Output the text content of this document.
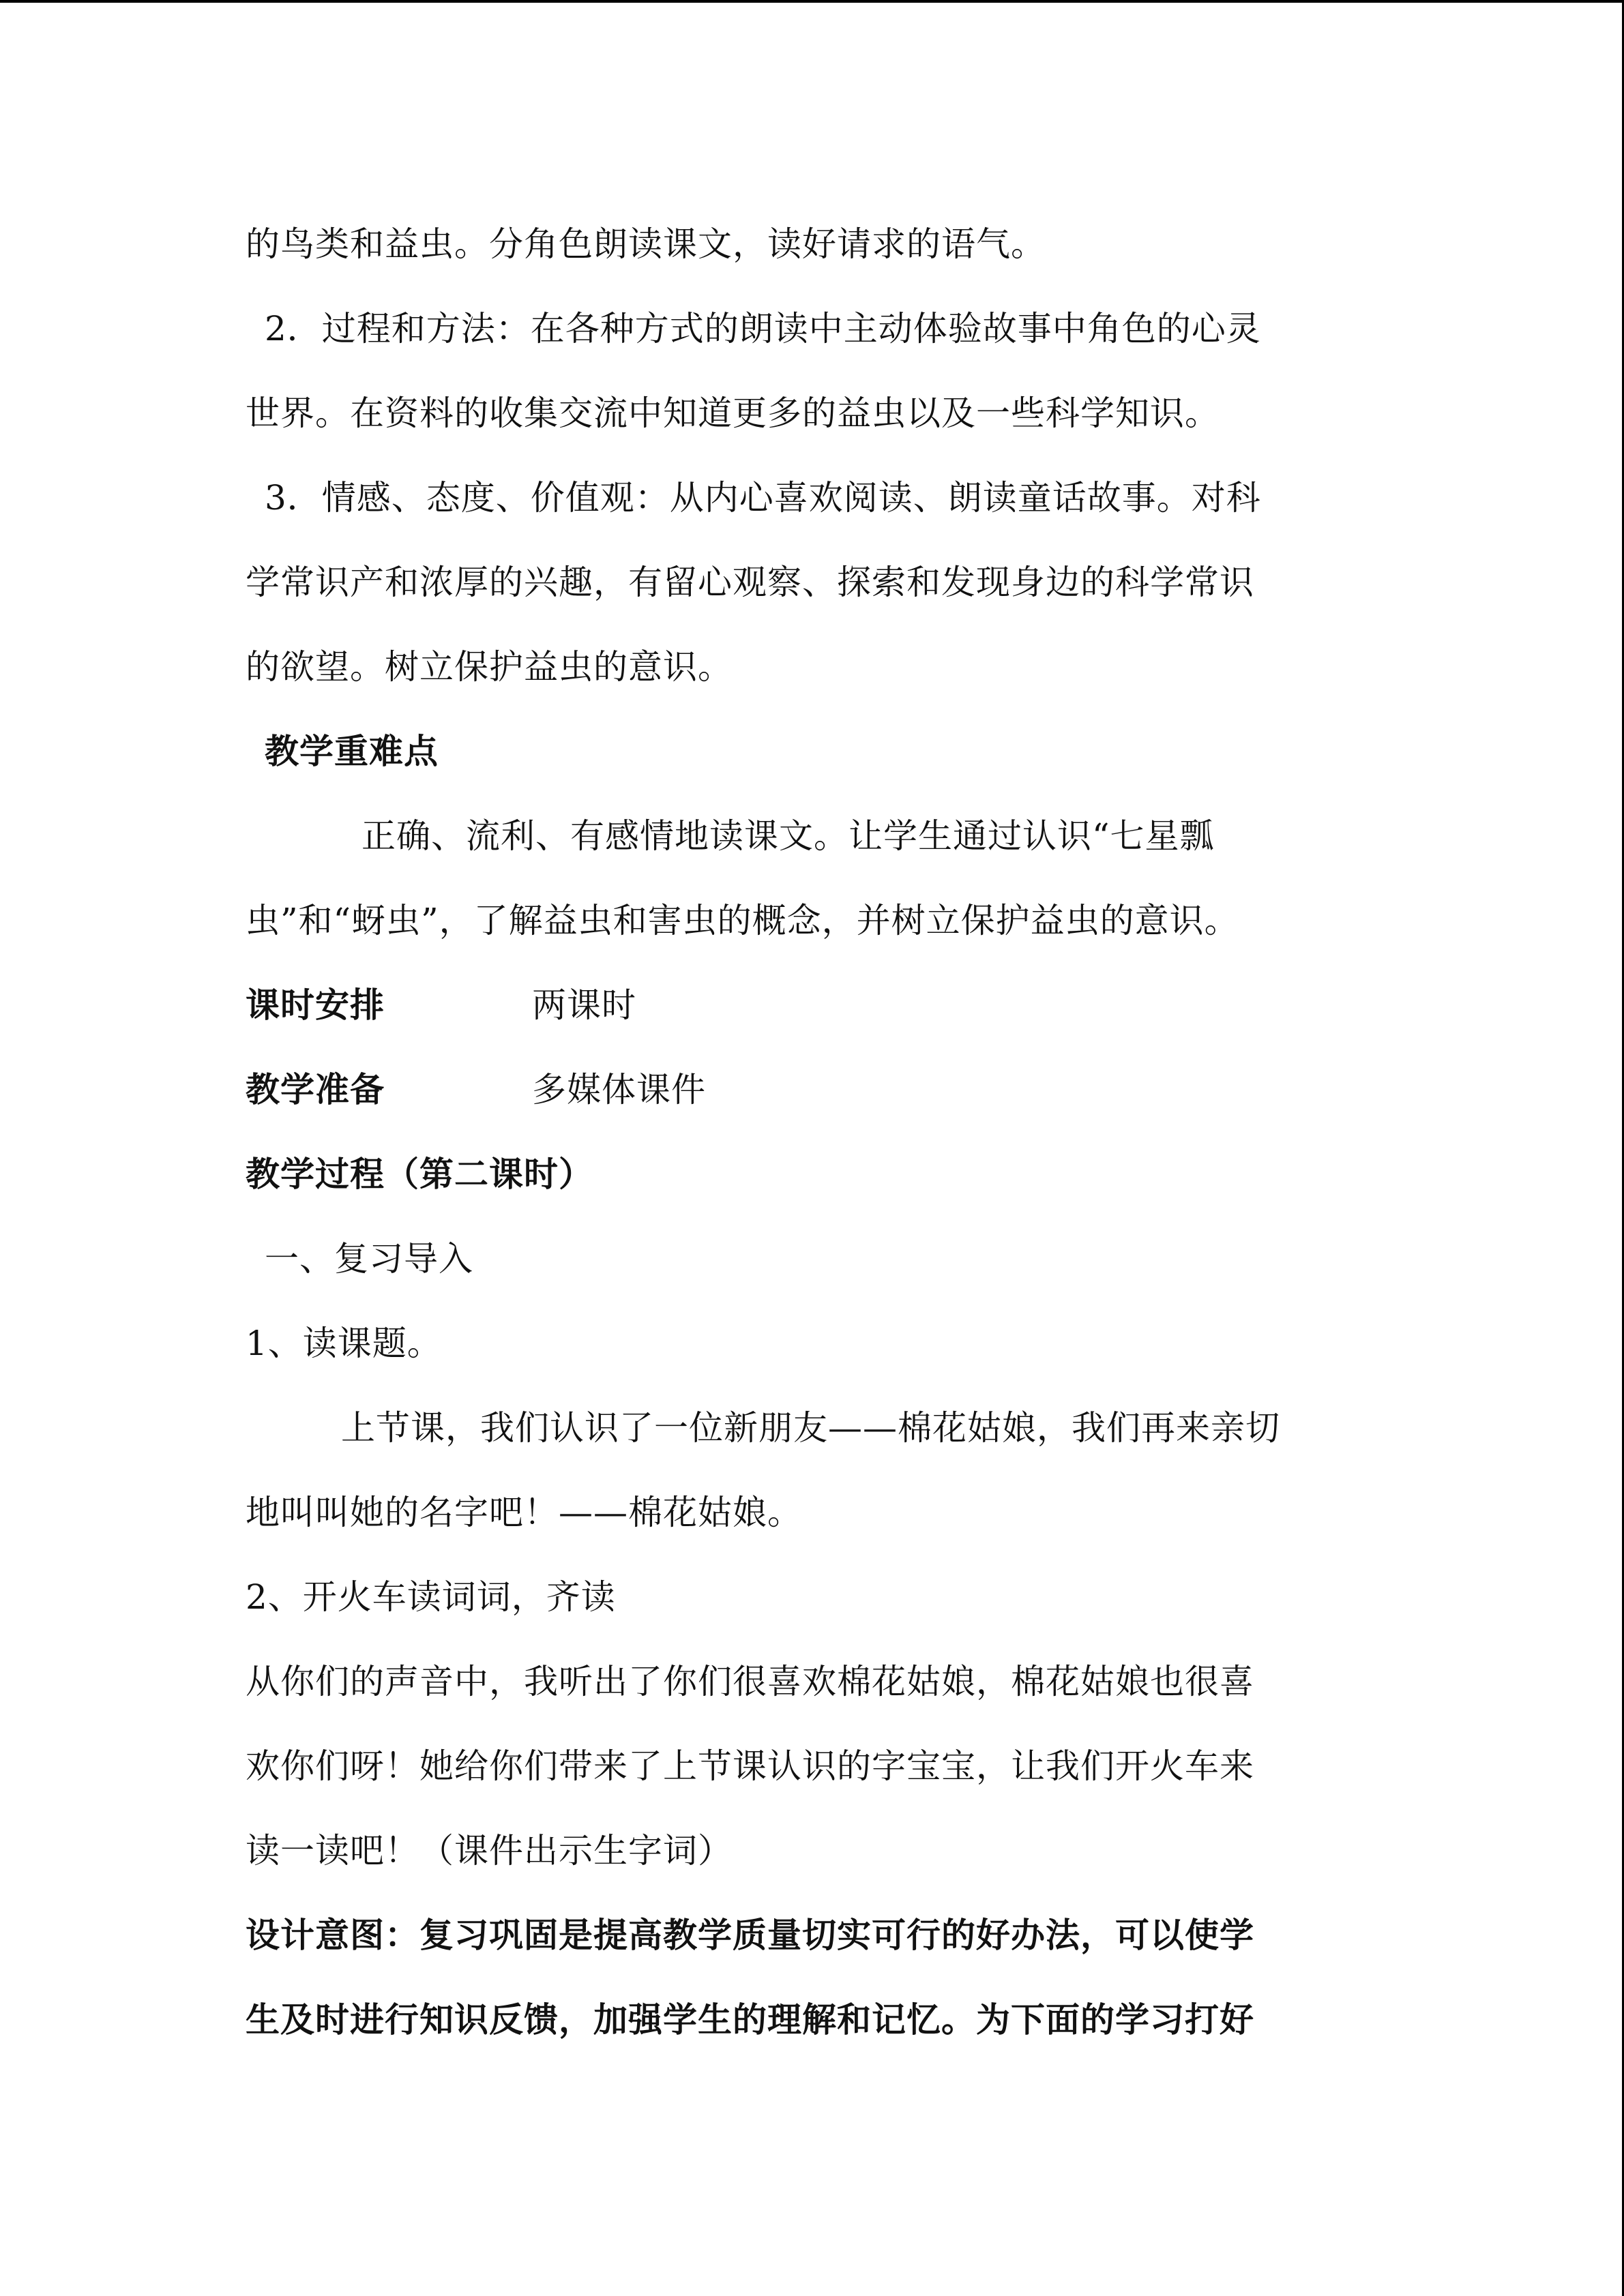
的鸟类和益虫。分角色朗读课文，读好请求的语气。
2．过程和方法：在各种方式的朗读中主动体验故事中角色的心灵
世界。在资料的收集交流中知道更多的益虫以及一些科学知识。
3．情感、态度、价值观：从内心喜欢阅读、朗读童话故事。对科
学常识产和浓厚的兴趣，有留心观察、探索和发现身边的科学常识
的欲望。树立保护益虫的意识。
教学重难点
正确、流利、有感情地读课文。让学生通过认识“七星瓢
虫”和“蚜虫”，了解益虫和害虫的概念，并树立保护益虫的意识。
课时安排	两课时
教学准备	多媒体课件
教学过程（第二课时）
一、复习导入
1、读课题。
上节课，我们认识了一位新朋友——棉花姑娘，我们再来亲切
地叫叫她的名字吧！——棉花姑娘。
2、开火车读词词，齐读
从你们的声音中，我听出了你们很喜欢棉花姑娘，棉花姑娘也很喜
欢你们呀！她给你们带来了上节课认识的字宝宝，让我们开火车来
读一读吧！（课件出示生字词）
设计意图：复习巩固是提高教学质量切实可行的好办法，可以使学
生及时进行知识反馈，加强学生的理解和记忆。为下面的学习打好
